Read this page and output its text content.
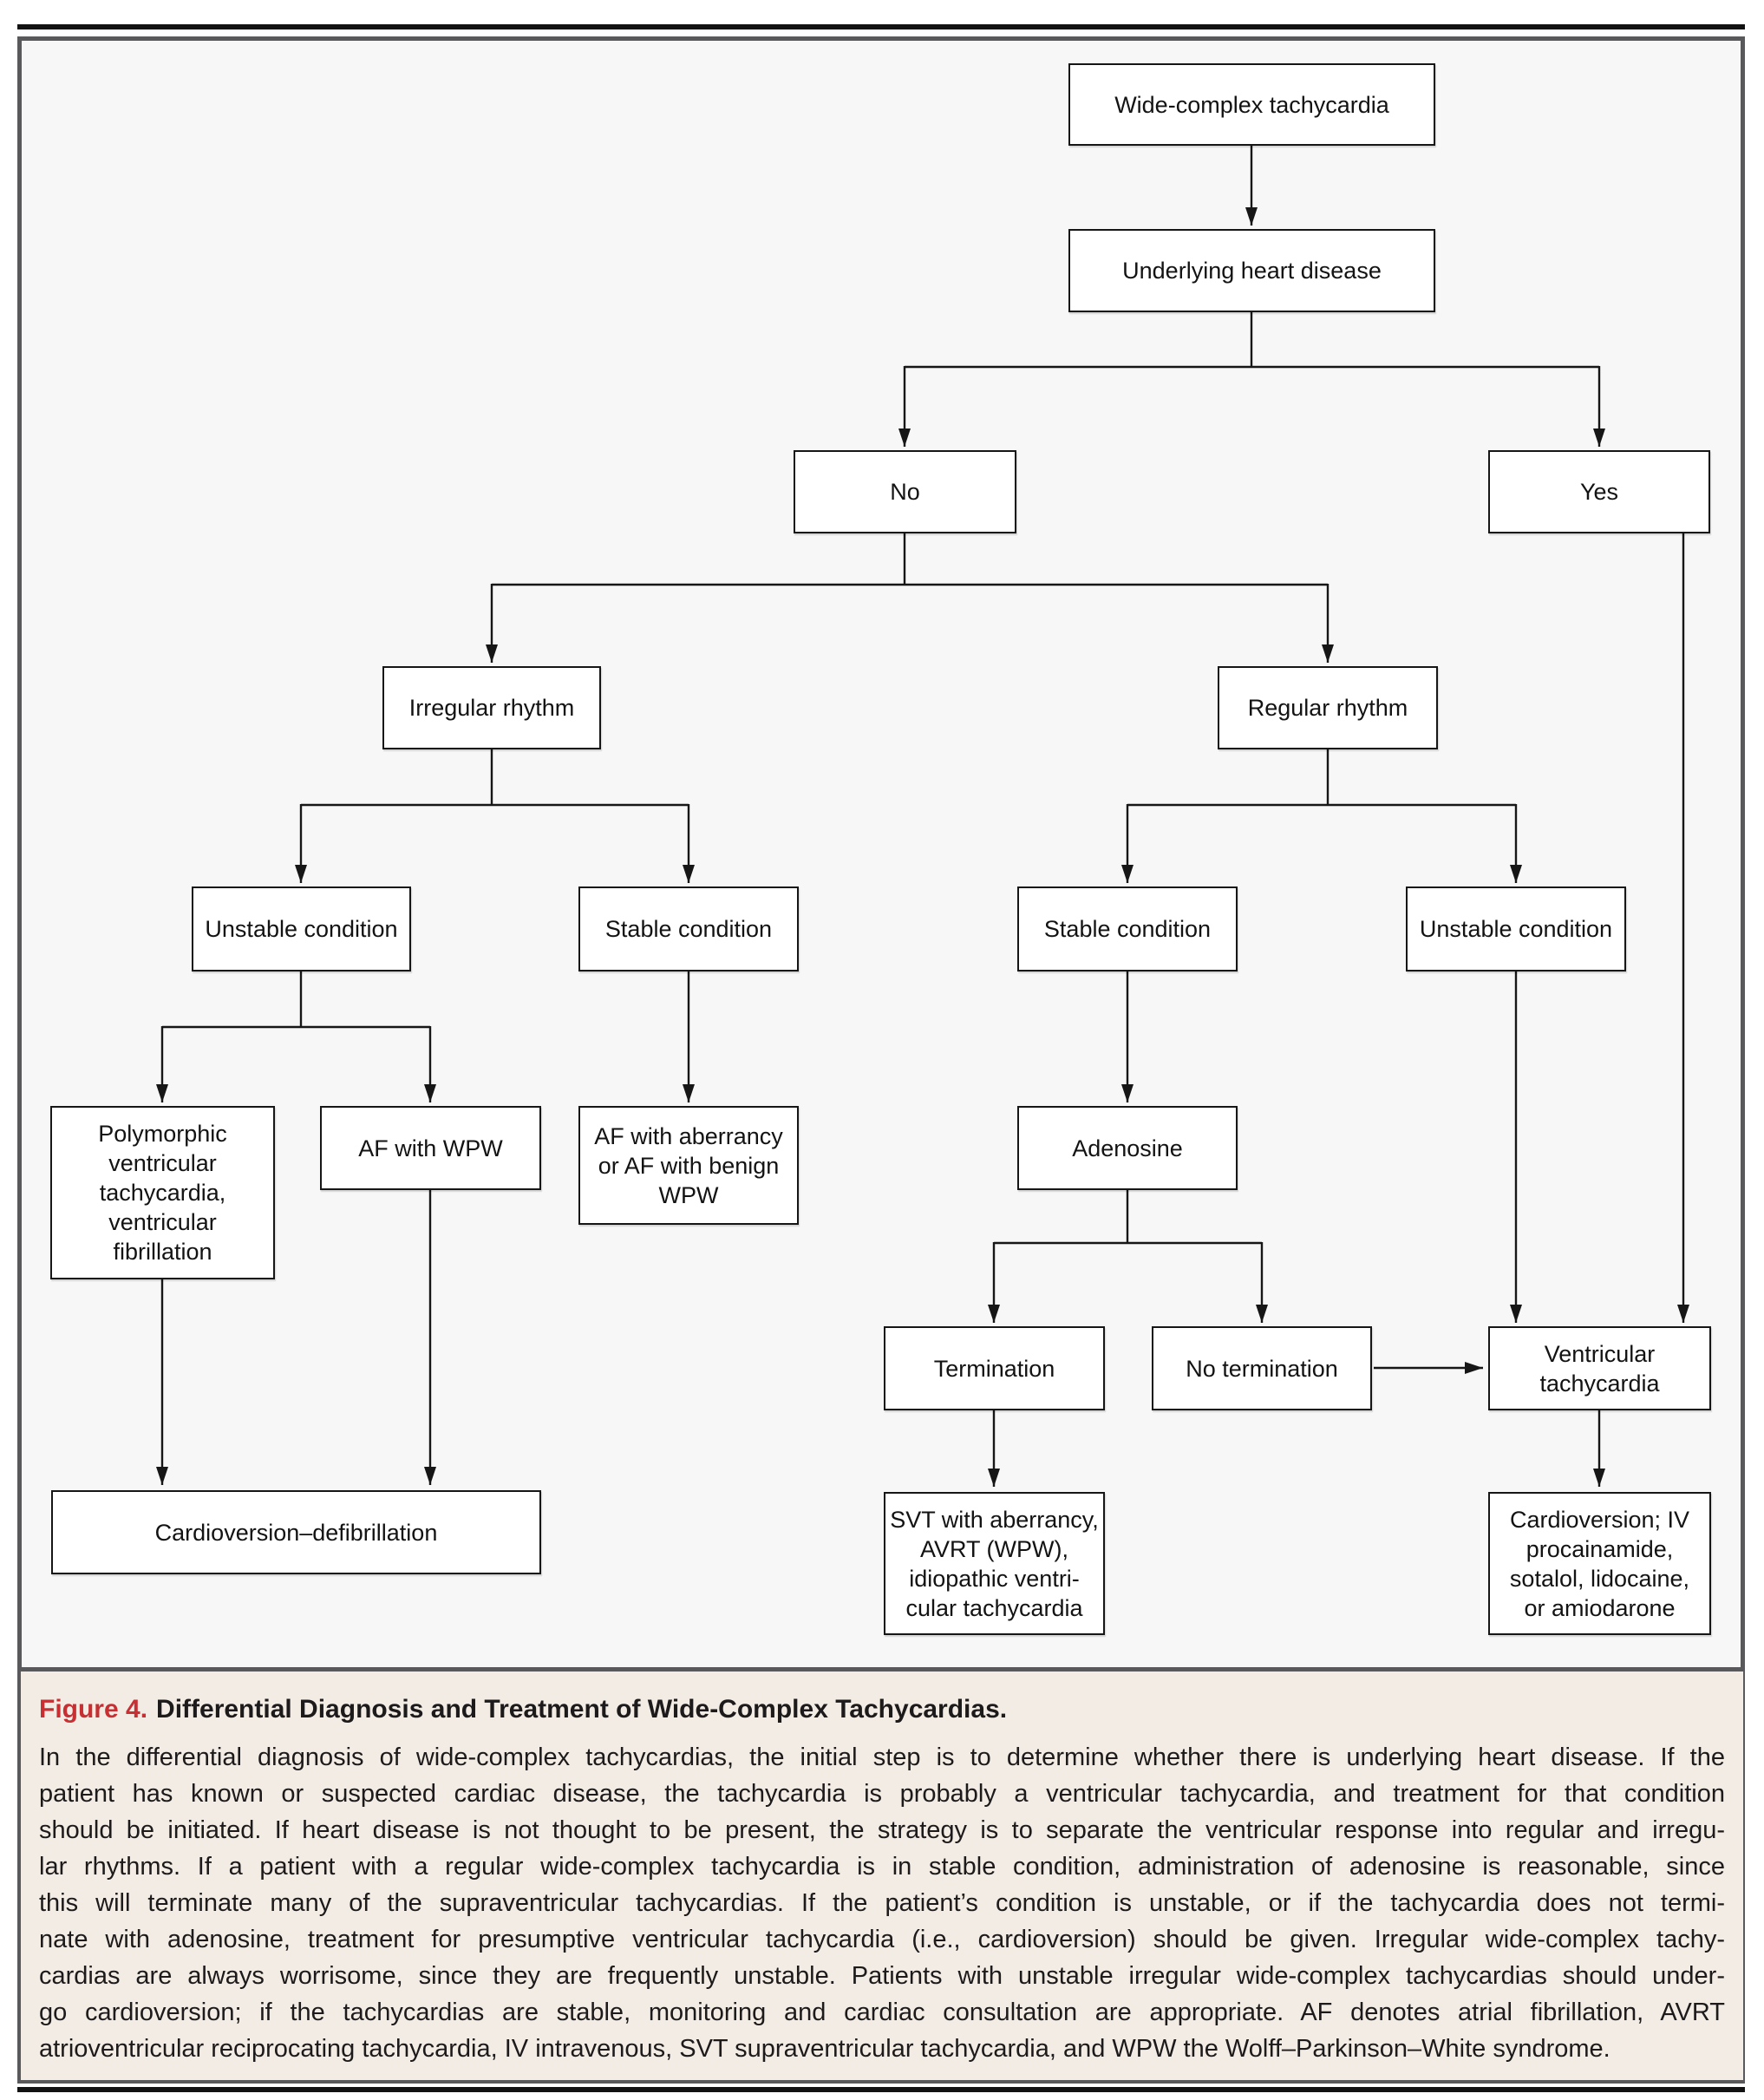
Wide-complex tachycardia
Underlying heart disease
No	Yes
Irregular rhythm	Regular rhythm
Unstable condition	Stable condition	Stable condition	Unstable condition
Polymorphic
ventricular
tachycardia,
ventricular
fibrillation
AF with WPW	AF with aberrancy
or AF with benign
WPW
Adenosine
Termination	No termination
Ventricular
tachycardia
Cardioversion–defibrillation	SVT with aberrancy,
AVRT (WPW),
idiopathic ventri-
cular tachycardia
Cardioversion; IV
procainamide,
sotalol, lidocaine,
or amiodarone
Figure 4. Differential Diagnosis and Treatment of Wide-Complex Tachycardias.
In the differential diagnosis of wide-complex tachycardias, the initial step is to determine whether there is underlying heart disease. If the
patient has known or suspected cardiac disease, the tachycardia is probably a ventricular tachycardia, and treatment for that condition
should be initiated. If heart disease is not thought to be present, the strategy is to separate the ventricular response into regular and irregu-
lar rhythms. If a patient with a regular wide-complex tachycardia is in stable condition, administration of adenosine is reasonable, since
this will terminate many of the supraventricular tachycardias. If the patient’s condition is unstable, or if the tachycardia does not termi-
nate with adenosine, treatment for presumptive ventricular tachycardia (i.e., cardioversion) should be given. Irregular wide-complex tachy-
cardias are always worrisome, since they are frequently unstable. Patients with unstable irregular wide-complex tachycardias should under-
go cardioversion; if the tachycardias are stable, monitoring and cardiac consultation are appropriate. AF denotes atrial fibrillation, AVRT
atrioventricular reciprocating tachycardia, IV intravenous, SVT supraventricular tachycardia, and WPW the Wolff–Parkinson–White syndrome.
